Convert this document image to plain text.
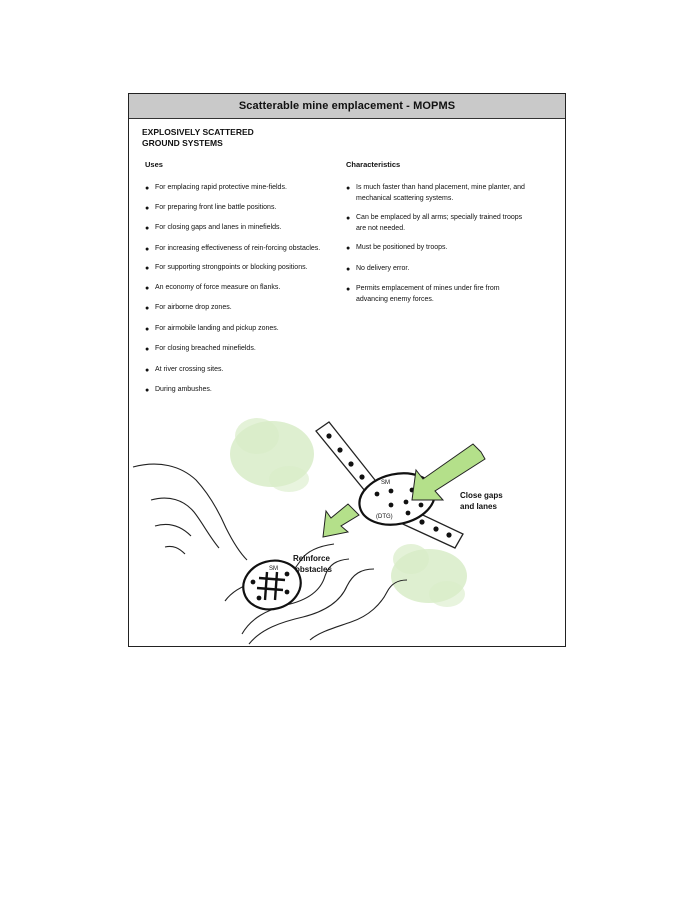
Scatterable mine emplacement - MOPMS
EXPLOSIVELY SCATTERED
GROUND SYSTEMS
Uses	Characteristics
● For emplacing rapid protective mine-fields.
● For preparing front line battle positions.
● For closing gaps and lanes in minefields.
● For increasing effectiveness of rein-forcing obstacles.
● For supporting strongpoints or blocking positions.
● An economy of force measure on flanks.
● For airborne drop zones.
● For airmobile landing and pickup zones.
● For closing breached minefields.
● At river crossing sites.
● During ambushes.
● Is much faster than hand placement, mine planter, and mechanical scattering systems.
● Can be emplaced by all arms; specially trained troops are not needed.
● Must be positioned by troops.
● No delivery error.
● Permits emplacement of mines under fire from advancing enemy forces.
SM
(DTG)
Close gaps
and lanes
SM
Reinforce
obstacles
